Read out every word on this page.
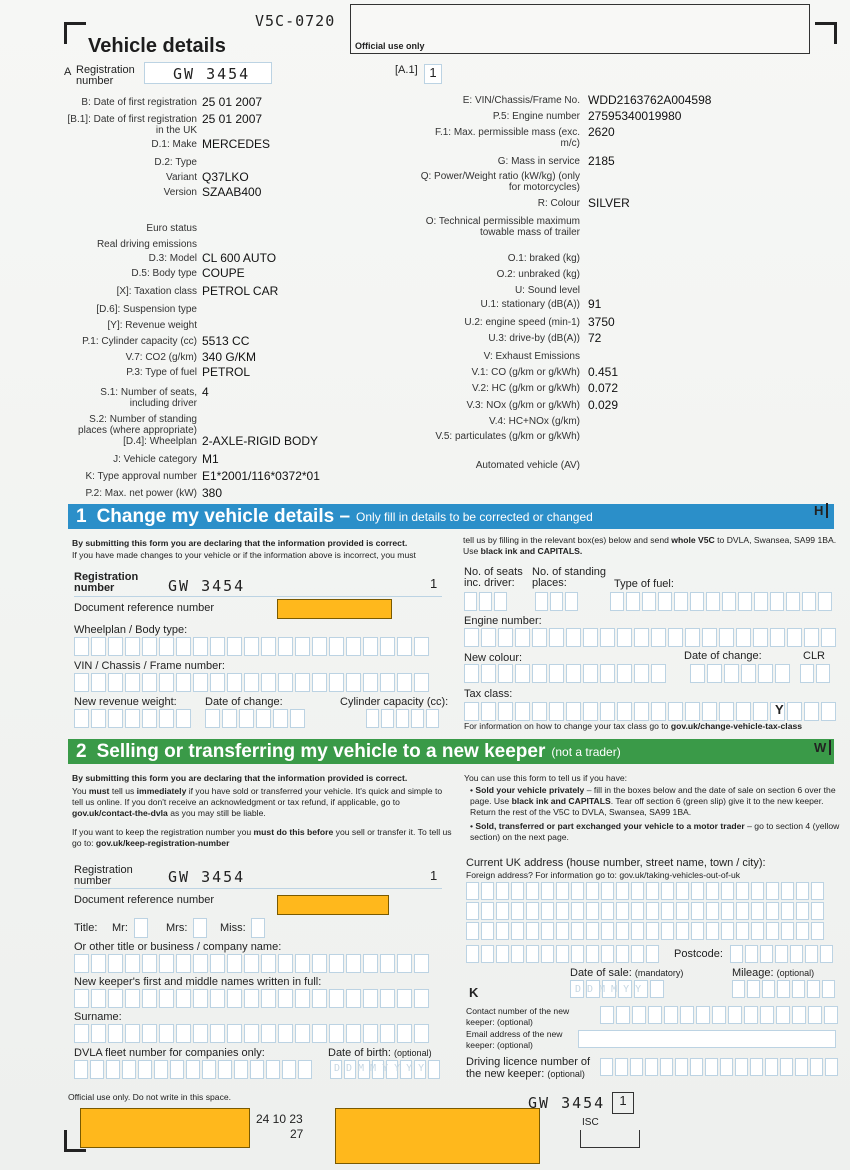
V5C-0720
Vehicle details	Official use only
A Registration number	GW 3454	[A.1] 1
B: Date of first registration 25 01 2007
[B.1]: Date of first registration in the UK
25 01 2007
D.1: Make MERCEDES
D.2: Type
Variant Q37LKO
Version SZAAB400
Euro status
Real driving emissions
D.3: Model CL 600 AUTO
D.5: Body type COUPE
[X]: Taxation class PETROL CAR
[D.6]: Suspension type
[Y]: Revenue weight
P.1: Cylinder capacity (cc) 5513 CC
V.7: CO2 (g/km) 340 G/KM
P.3: Type of fuel PETROL
S.1: Number of seats, including driver
4
S.2: Number of standing places (where appropriate)
[D.4]: Wheelplan 2-AXLE-RIGID BODY
J: Vehicle category M1
K: Type approval number E1*2001/116*0372*01
P.2: Max. net power (kW) 380
E: VIN/Chassis/Frame No. WDD2163762A004598
P.5: Engine number 27595340019980
F.1: Max. permissible mass (exc. m/c)
2620
G: Mass in service 2185
Q: Power/Weight ratio (kW/kg) (only for motorcycles)
R: Colour SILVER
O: Technical permissible maximum towable mass of trailer
O.1: braked (kg)
O.2: unbraked (kg)
U: Sound level
U.1: stationary (dB(A)) 91
U.2: engine speed (min-1) 3750
U.3: drive-by (dB(A)) 72
V: Exhaust Emissions
V.1: CO (g/km or g/kWh) 0.451
V.2: HC (g/km or g/kWh) 0.072
V.3: NOx (g/km or g/kWh) 0.029
V.4: HC+NOx (g/km)
V.5: particulates (g/km or g/kWh)
Automated vehicle (AV)
1 Change my vehicle details – Only fill in details to be corrected or changed	H
By submitting this form you are declaring that the information provided is correct.
If you have made changes to your vehicle or if the information above is incorrect, you must
tell us by filling in the relevant box(es) below and send whole V5C to DVLA, Swansea, SA99 1BA. Use black ink and CAPITALS.
Registration number	GW 3454	1
Document reference number
Wheelplan / Body type:
VIN / Chassis / Frame number:
New revenue weight:	Date of change:	Cylinder capacity (cc):
No. of seats inc. driver:
No. of standing places:	Type of fuel:
Engine number:
New colour:	Date of change:	CLR
Tax class:
Y
For information on how to change your tax class go to gov.uk/change-vehicle-tax-class
2 Selling or transferring my vehicle to a new keeper (not a trader)	W
By submitting this form you are declaring that the information provided is correct.
You must tell us immediately if you have sold or transferred your vehicle. It's quick and simple to tell us online. If you don't receive an acknowledgment or tax refund, if applicable, go to gov.uk/contact-the-dvla as you may still be liable.
If you want to keep the registration number you must do this before you sell or transfer it. To tell us go to: gov.uk/keep-registration-number
You can use this form to tell us if you have:
• Sold your vehicle privately – fill in the boxes below and the date of sale on section 6 over the page. Use black ink and CAPITALS. Tear off section 6 (green slip) give it to the new keeper. Return the rest of the V5C to DVLA, Swansea, SA99 1BA.
• Sold, transferred or part exchanged your vehicle to a motor trader – go to section 4 (yellow section) on the next page.
Registration number	GW 3454	1
Document reference number
Title: Mr:	Mrs:	Miss:
Or other title or business / company name:
New keeper's first and middle names written in full:
Surname:
DVLA fleet number for companies only:	Date of birth: (optional)
DDMMYYYY
Current UK address (house number, street name, town / city):
Foreign address? For information go to: gov.uk/taking-vehicles-out-of-uk
Postcode:
Date of sale: (mandatory)	Mileage: (optional)
K	DDMMYY
Contact number of the new keeper: (optional)
Email address of the new keeper: (optional)
Driving licence number of the new keeper: (optional)
Official use only. Do not write in this space.
24 10 23
27
GW 3454	1
ISC
